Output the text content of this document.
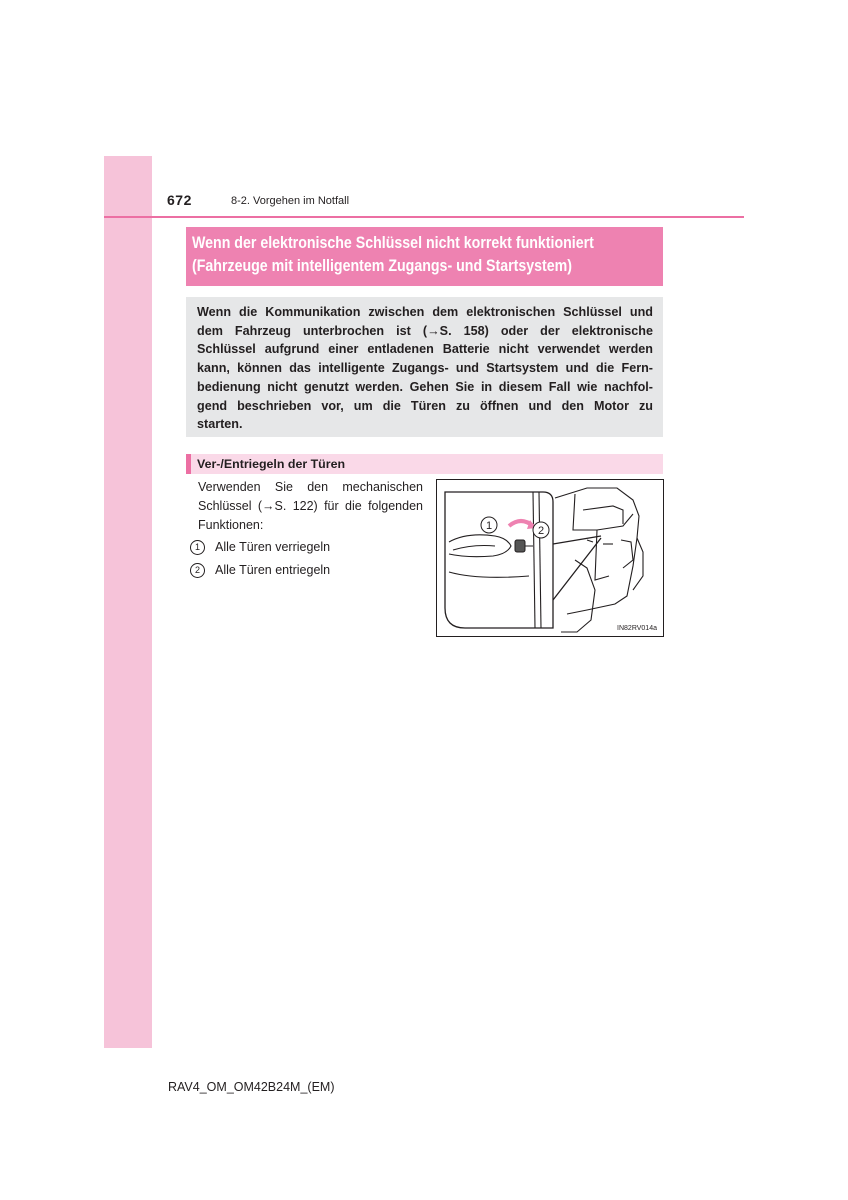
672	8-2. Vorgehen im Notfall
Wenn der elektronische Schlüssel nicht korrekt funktioniert
(Fahrzeuge mit intelligentem Zugangs- und Startsystem)
Wenn die Kommunikation zwischen dem elektronischen Schlüssel und
dem Fahrzeug unterbrochen ist (→S. 158) oder der elektronische
Schlüssel aufgrund einer entladenen Batterie nicht verwendet werden
kann, können das intelligente Zugangs- und Startsystem und die Fern-
bedienung nicht genutzt werden. Gehen Sie in diesem Fall wie nachfol-
gend beschrieben vor, um die Türen zu öffnen und den Motor zu
starten.
Ver-/Entriegeln der Türen
Verwenden Sie den mechanischen
Schlüssel (→S. 122) für die folgenden
Funktionen:
1	Alle Türen verriegeln
2	Alle Türen entriegeln
1	2
IN82RV014a
RAV4_OM_OM42B24M_(EM)
